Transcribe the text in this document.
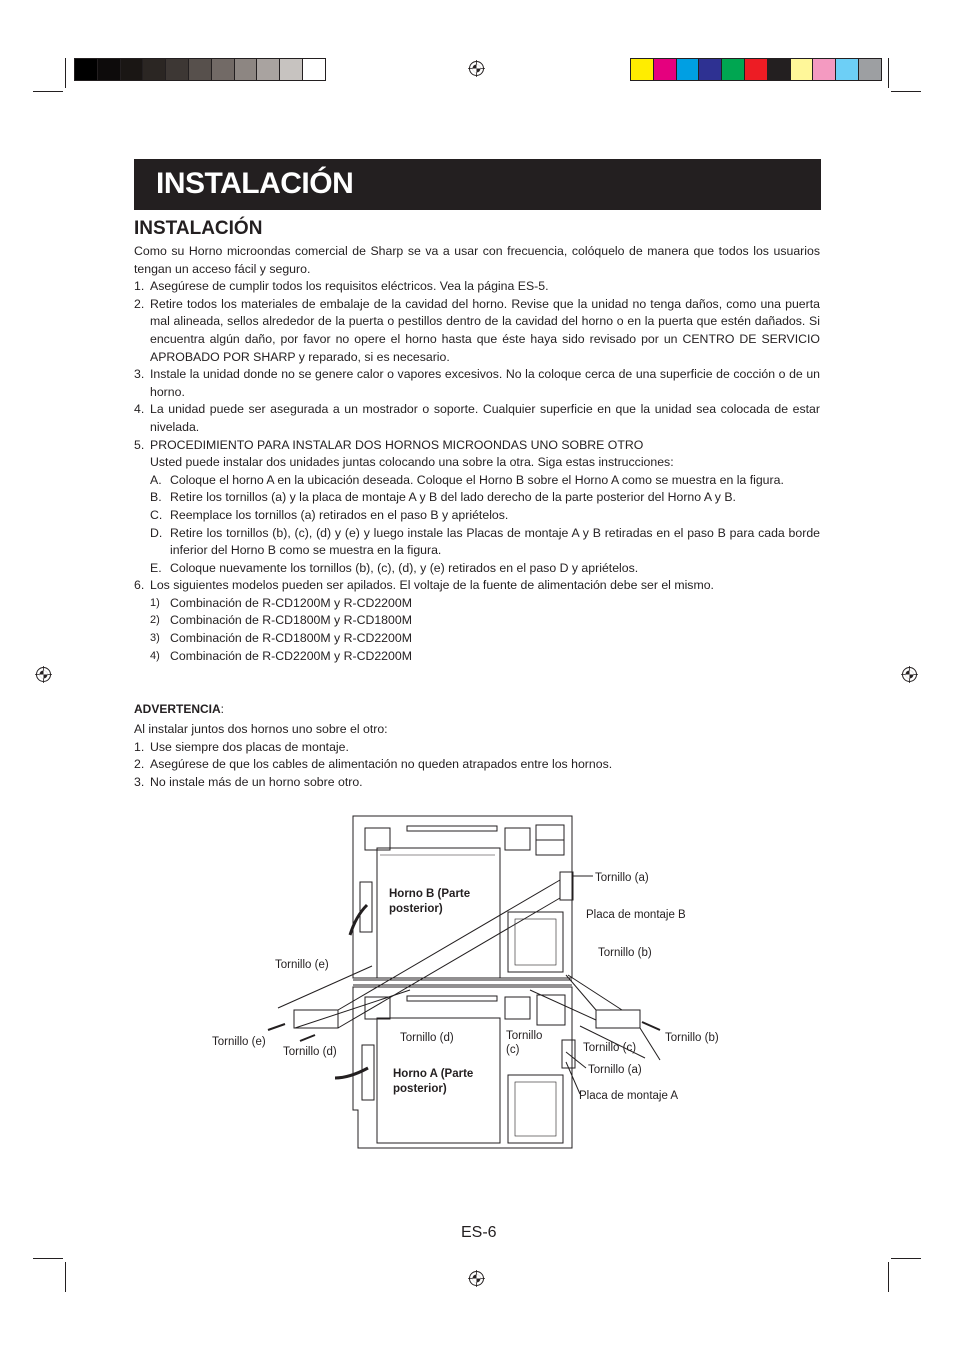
INSTALACIÓN
INSTALACIÓN

Como su Horno microondas comercial de Sharp se va a usar con frecuencia, colóquelo de manera que todos los usuarios tengan un acceso fácil y seguro.

1. Asegúrese de cumplir todos los requisitos eléctricos. Vea la página ES-5.
2. Retire todos los materiales de embalaje de la cavidad del horno. Revise que la unidad no tenga daños, como una puerta mal alineada, sellos alrededor de la puerta o pestillos dentro de la cavidad del horno o en la puerta que estén dañados. Si encuentra algún daño, por favor no opere el horno hasta que éste haya sido revisado por un CENTRO DE SERVICIO APROBADO POR SHARP y reparado, si es necesario.
3. Instale la unidad donde no se genere calor o vapores excesivos. No la coloque cerca de una superficie de cocción o de un horno.
4. La unidad puede ser asegurada a un mostrador o soporte. Cualquier superficie en que la unidad sea colocada de estar nivelada.
5. PROCEDIMIENTO PARA INSTALAR DOS HORNOS MICROONDAS UNO SOBRE OTRO
Usted puede instalar dos unidades juntas colocando una sobre la otra. Siga estas instrucciones:
A. Coloque el horno A en la ubicación deseada. Coloque el Horno B sobre el Horno A como se muestra en la figura.
B. Retire los tornillos (a) y la placa de montaje A y B del lado derecho de la parte posterior del Horno A y B.
C. Reemplace los tornillos (a) retirados en el paso B y apriételos.
D. Retire los tornillos (b), (c), (d) y (e) y luego instale las Placas de montaje A y B retiradas en el paso B para cada borde inferior del Horno B como se muestra en la figura.
E. Coloque nuevamente los tornillos (b), (c), (d), y (e) retirados en el paso D y apriételos.
6. Los siguientes modelos pueden ser apilados. El voltaje de la fuente de alimentación debe ser el mismo.
1) Combinación de R-CD1200M y R-CD2200M
2) Combinación de R-CD1800M y R-CD1800M
3) Combinación de R-CD1800M y R-CD2200M
4) Combinación de R-CD2200M y R-CD2200M
ADVERTENCIA:
Al instalar juntos dos hornos uno sobre el otro:
1. Use siempre dos placas de montaje.
2. Asegúrese de que los cables de alimentación no queden atrapados entre los hornos.
3. No instale más de un horno sobre otro.
Horno B (Parte
posterior)
Horno A (Parte
posterior)
Tornillo (a)
Placa de montaje B
Tornillo (b)
Tornillo (e)
Tornillo (e)
Tornillo (d)
Tornillo (d)	Tornillo
(c)	Tornillo (c)
Tornillo (b)
Tornillo (a)
Placa de montaje A
ES-6
